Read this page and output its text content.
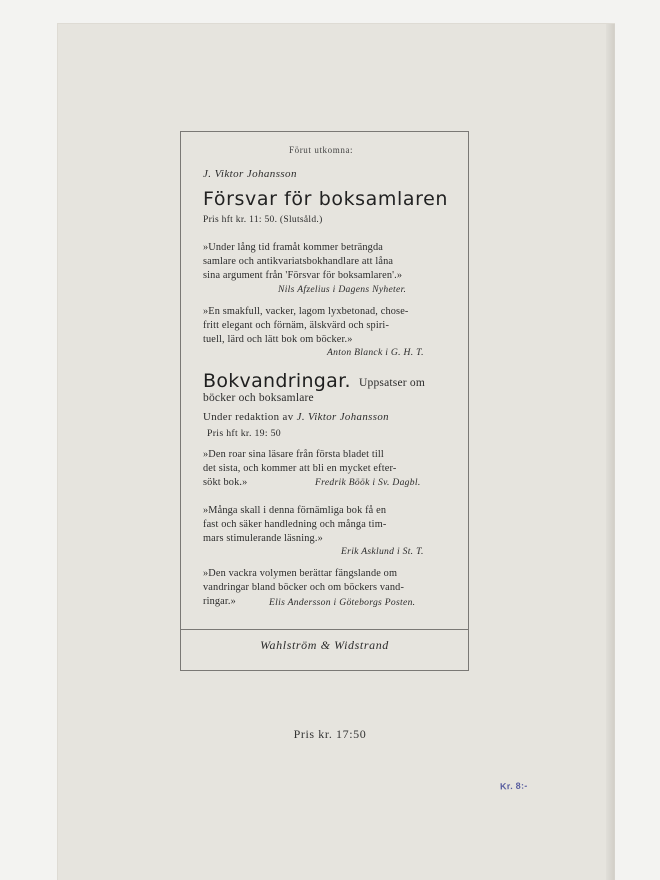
Förut utkomna:
J. Viktor Johansson
Försvar för boksamlaren
Pris hft kr. 11: 50. (Slutsåld.)
»Under lång tid framåt kommer beträngda
samlare och antikvariatsbokhandlare att låna
sina argument från 'Försvar för boksamlaren'.»
Nils Afzelius i Dagens Nyheter.
»En smakfull, vacker, lagom lyxbetonad, chose-
fritt elegant och förnäm, älskvärd och spiri-
tuell, lärd och lätt bok om böcker.»
Anton Blanck i G. H. T.
Bokvandringar. Uppsatser om
böcker och boksamlare
Under redaktion av J. Viktor Johansson
Pris hft kr. 19: 50
»Den roar sina läsare från första bladet till
det sista, och kommer att bli en mycket efter-
sökt bok.»	Fredrik Böök i Sv. Dagbl.
»Många skall i denna förnämliga bok få en
fast och säker handledning och många tim-
mars stimulerande läsning.»
Erik Asklund i St. T.
»Den vackra volymen berättar fängslande om
vandringar bland böcker och om böckers vand-
ringar.»	Elis Andersson i Göteborgs Posten.
Wahlström & Widstrand
Pris kr. 17:50
Kr. 8:-
